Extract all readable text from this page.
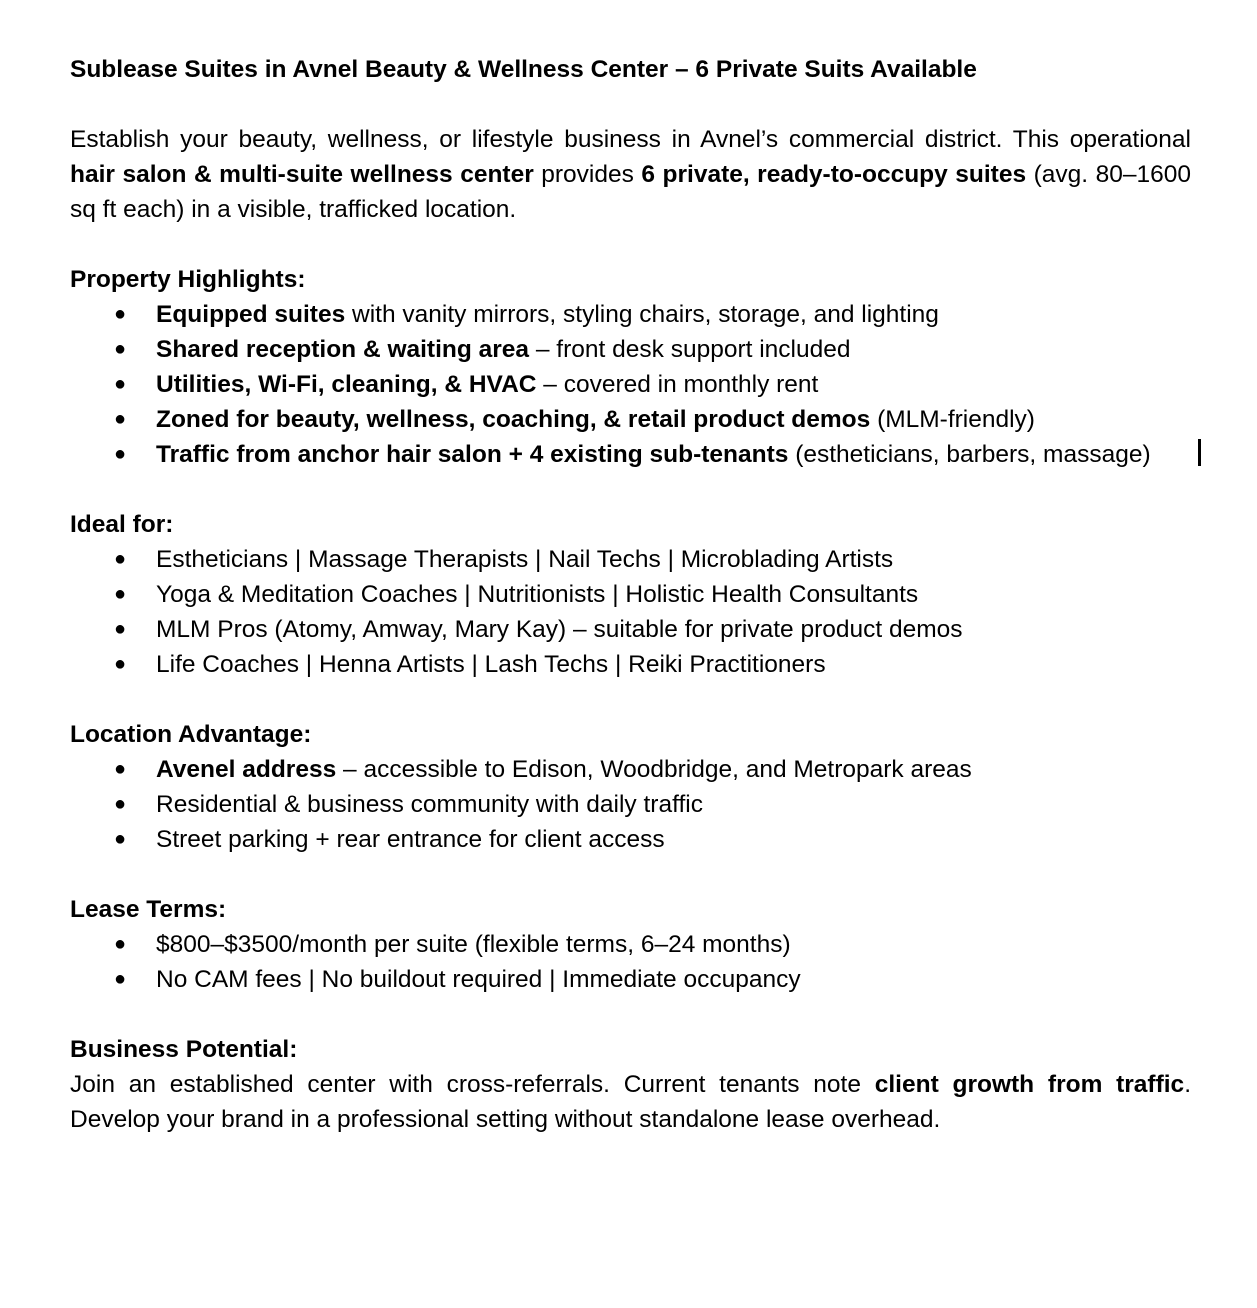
Sublease Suites in Avnel Beauty & Wellness Center – 6 Private Suits Available

Establish your beauty, wellness, or lifestyle business in Avnel’s commercial district. This operational hair salon & multi-suite wellness center provides 6 private, ready-to-occupy suites (avg. 80–1600 sq ft each) in a visible, trafficked location.

Property Highlights:
● Equipped suites with vanity mirrors, styling chairs, storage, and lighting
● Shared reception & waiting area – front desk support included
● Utilities, Wi-Fi, cleaning, & HVAC – covered in monthly rent
● Zoned for beauty, wellness, coaching, & retail product demos (MLM-friendly)
● Traffic from anchor hair salon + 4 existing sub-tenants (estheticians, barbers, massage)
Ideal for:
● Estheticians | Massage Therapists | Nail Techs | Microblading Artists
● Yoga & Meditation Coaches | Nutritionists | Holistic Health Consultants
● MLM Pros (Atomy, Amway, Mary Kay) – suitable for private product demos
● Life Coaches | Henna Artists | Lash Techs | Reiki Practitioners
Location Advantage:
● Avenel address – accessible to Edison, Woodbridge, and Metropark areas
● Residential & business community with daily traffic
● Street parking + rear entrance for client access
Lease Terms:
● $800–$3500/month per suite (flexible terms, 6–24 months)
● No CAM fees | No buildout required | Immediate occupancy
Business Potential:

Join an established center with cross-referrals. Current tenants note client growth from traffic. Develop your brand in a professional setting without standalone lease overhead.
